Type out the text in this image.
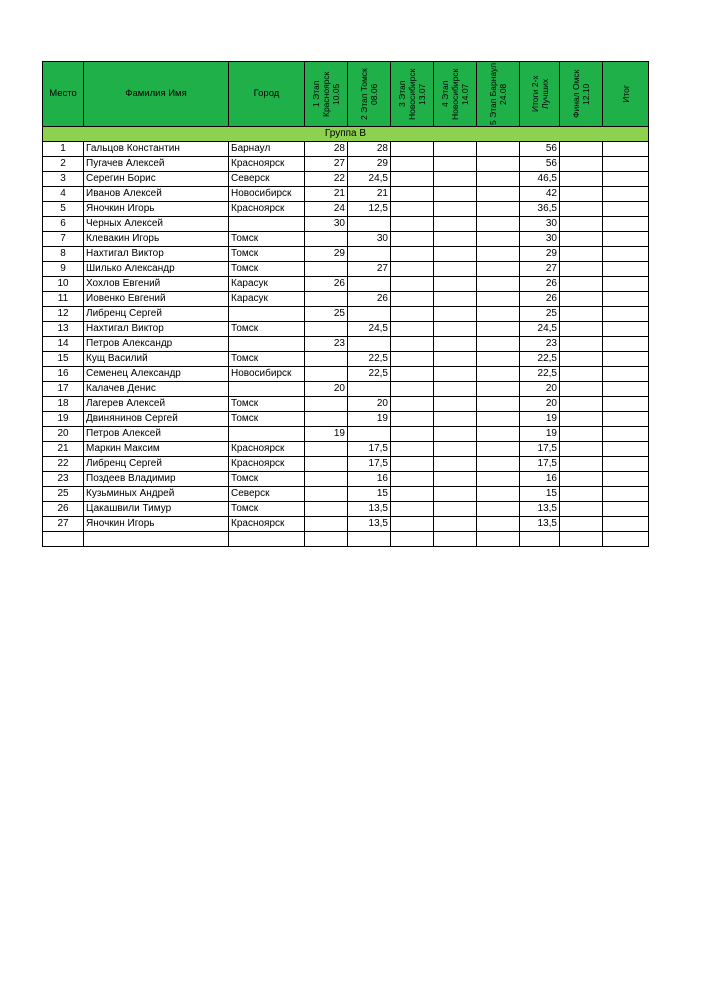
Место	Фамилия Имя	Город	1 Этап Красноярск 10.05	2 Этап Томск 08.06	3 Этап Новосибирск 13.07	4 Этап Новосибирск 14.07	5 Этап Барнаул 24.08	Итоги 2-х Лучших	Финал Омск 12.10	Итог

Группа В										
1	Гальцов Константин	Барнаул	28	28				56		
2	Пугачев Алексей	Красноярск	27	29				56		
3	Серегин Борис	Северск	22	24,5				46,5		
4	Иванов Алексей	Новосибирск	21	21				42		
5	Яночкин Игорь	Красноярск	24	12,5				36,5		
6	Черных Алексей		30					30		
7	Клевакин Игорь	Томск		30				30		
8	Нахтигал Виктор	Томск	29					29		
9	Шилько Александр	Томск		27				27		
10	Хохлов Евгений	Карасук	26					26		
11	Иовенко Евгений	Карасук		26				26		
12	Либренц Сергей		25					25		
13	Нахтигал Виктор	Томск		24,5				24,5		
14	Петров Александр		23					23		
15	Кущ Василий	Томск		22,5				22,5		
16	Семенец Александр	Новосибирск		22,5				22,5		
17	Калачев Денис		20					20		
18	Лагерев Алексей	Томск		20				20		
19	Двинянинов Сергей	Томск		19				19		
20	Петров Алексей		19					19		
21	Маркин Максим	Красноярск		17,5				17,5		
22	Либренц Сергей	Красноярск		17,5				17,5		
23	Поздеев Владимир	Томск		16				16		
25	Кузьминых Андрей	Северск		15				15		
26	Цакашвили Тимур	Томск		13,5				13,5		
27	Яночкин Игорь	Красноярск		13,5				13,5		
